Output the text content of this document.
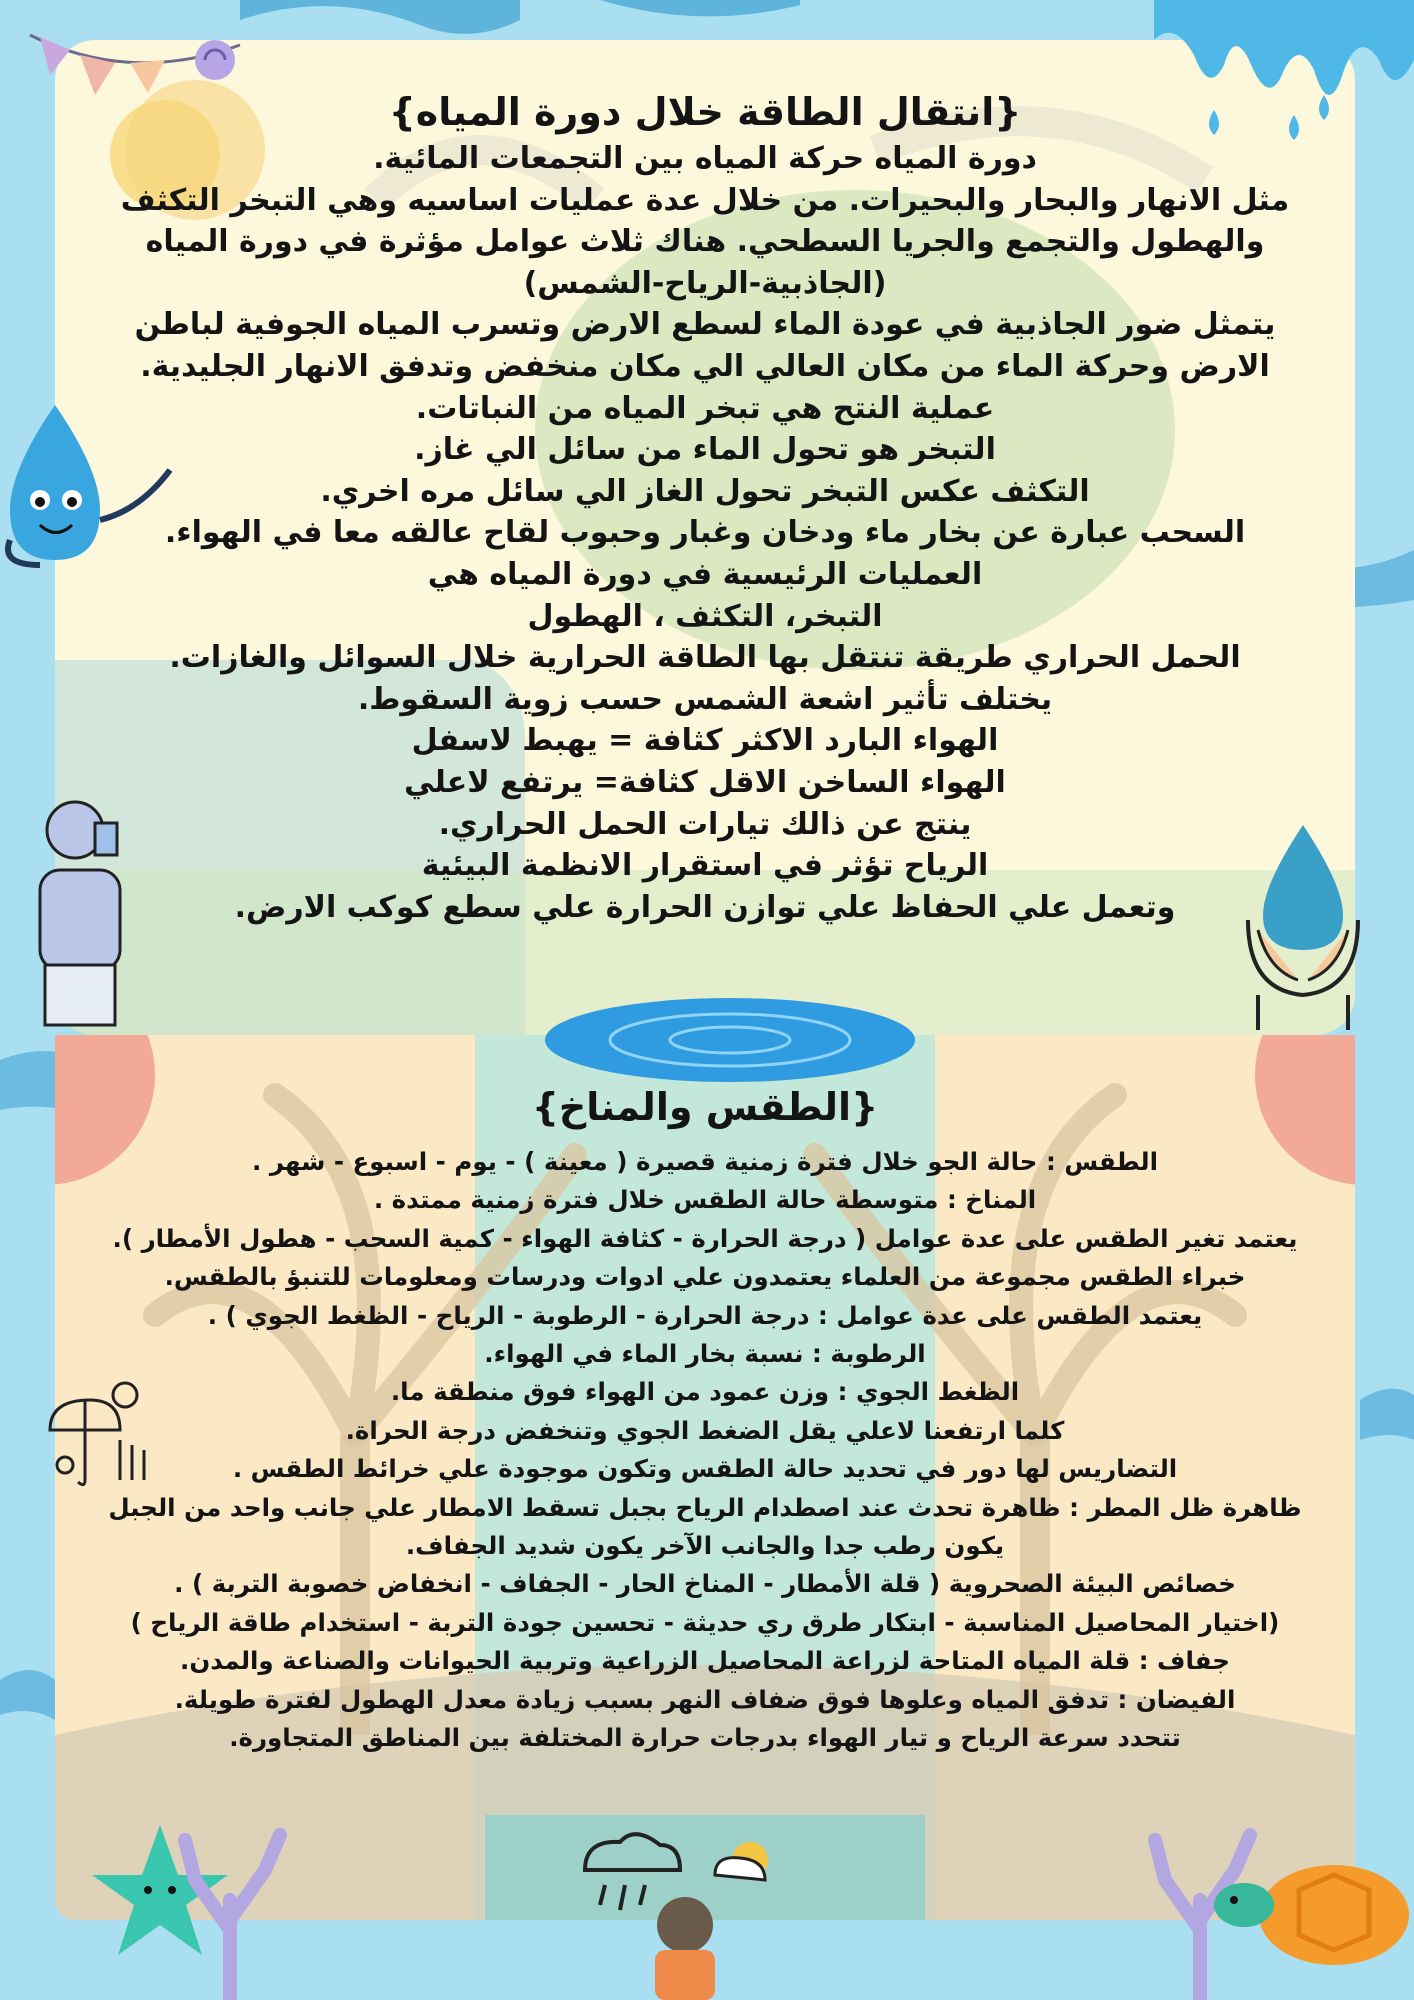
{انتقال الطاقة خلال دورة المياه}
دورة المياه حركة المياه بين التجمعات المائية.
مثل الانهار والبحار والبحيرات. من خلال عدة عمليات اساسيه وهي التبخر التكثف
والهطول والتجمع والجريا السطحي. هناك ثلاث عوامل مؤثرة في دورة المياه
(الجاذبية-الرياح-الشمس)
يتمثل ضور الجاذبية في عودة الماء لسطع الارض وتسرب المياه الجوفية لباطن
الارض وحركة الماء من مكان العالي الي مكان منخفض وتدفق الانهار الجليدية.
عملية النتح هي تبخر المياه من النباتات.
التبخر هو تحول الماء من سائل الي غاز.
التكثف عكس التبخر تحول الغاز الي سائل مره اخري.
السحب عبارة عن بخار ماء ودخان وغبار وحبوب لقاح عالقه معا في الهواء.
العمليات الرئيسية في دورة المياه هي
التبخر، التكثف ، الهطول
الحمل الحراري طريقة تنتقل بها الطاقة الحرارية خلال السوائل والغازات.
يختلف تأثير اشعة الشمس حسب زوية السقوط.
الهواء البارد الاكثر كثافة = يهبط لاسفل
الهواء الساخن الاقل كثافة= يرتفع لاعلي
ينتج عن ذالك تيارات الحمل الحراري.
الرياح تؤثر في استقرار الانظمة البيئية
وتعمل علي الحفاظ علي توازن الحرارة علي سطع كوكب الارض.
{الطقس والمناخ}
الطقس : حالة الجو خلال فترة زمنية قصيرة ( معينة ) - يوم - اسبوع - شهر .
المناخ : متوسطة حالة الطقس خلال فترة زمنية ممتدة .
يعتمد تغير الطقس على عدة عوامل ( درجة الحرارة - كثافة الهواء - كمية السحب - هطول الأمطار ).
خبراء الطقس مجموعة من العلماء يعتمدون علي ادوات ودرسات ومعلومات للتنبؤ بالطقس.
يعتمد الطقس على عدة عوامل : درجة الحرارة - الرطوبة - الرياح - الظغط الجوي ) .
الرطوبة : نسبة بخار الماء في الهواء.
الظغط الجوي : وزن عمود من الهواء فوق منطقة ما.
كلما ارتفعنا لاعلي يقل الضغط الجوي وتنخفض درجة الحراة.
التضاريس لها دور في تحديد حالة الطقس وتكون موجودة علي خرائط الطقس .
ظاهرة ظل المطر : ظاهرة تحدث عند اصطدام الرياح بجبل تسقط الامطار علي جانب واحد من الجبل
يكون رطب جدا والجانب الآخر يكون شديد الجفاف.
خصائص البيئة الصحروية ( قلة الأمطار - المناخ الحار - الجفاف - انخفاض خصوبة التربة ) .
(اختيار المحاصيل المناسبة - ابتكار طرق ري حديثة - تحسين جودة التربة - استخدام طاقة الرياح )
جفاف : قلة المياه المتاحة لزراعة المحاصيل الزراعية وتربية الحيوانات والصناعة والمدن.
الفيضان : تدفق المياه وعلوها فوق ضفاف النهر بسبب زيادة معدل الهطول لفترة طويلة.
تتحدد سرعة الرياح و تيار الهواء بدرجات حرارة المختلفة بين المناطق المتجاورة.
